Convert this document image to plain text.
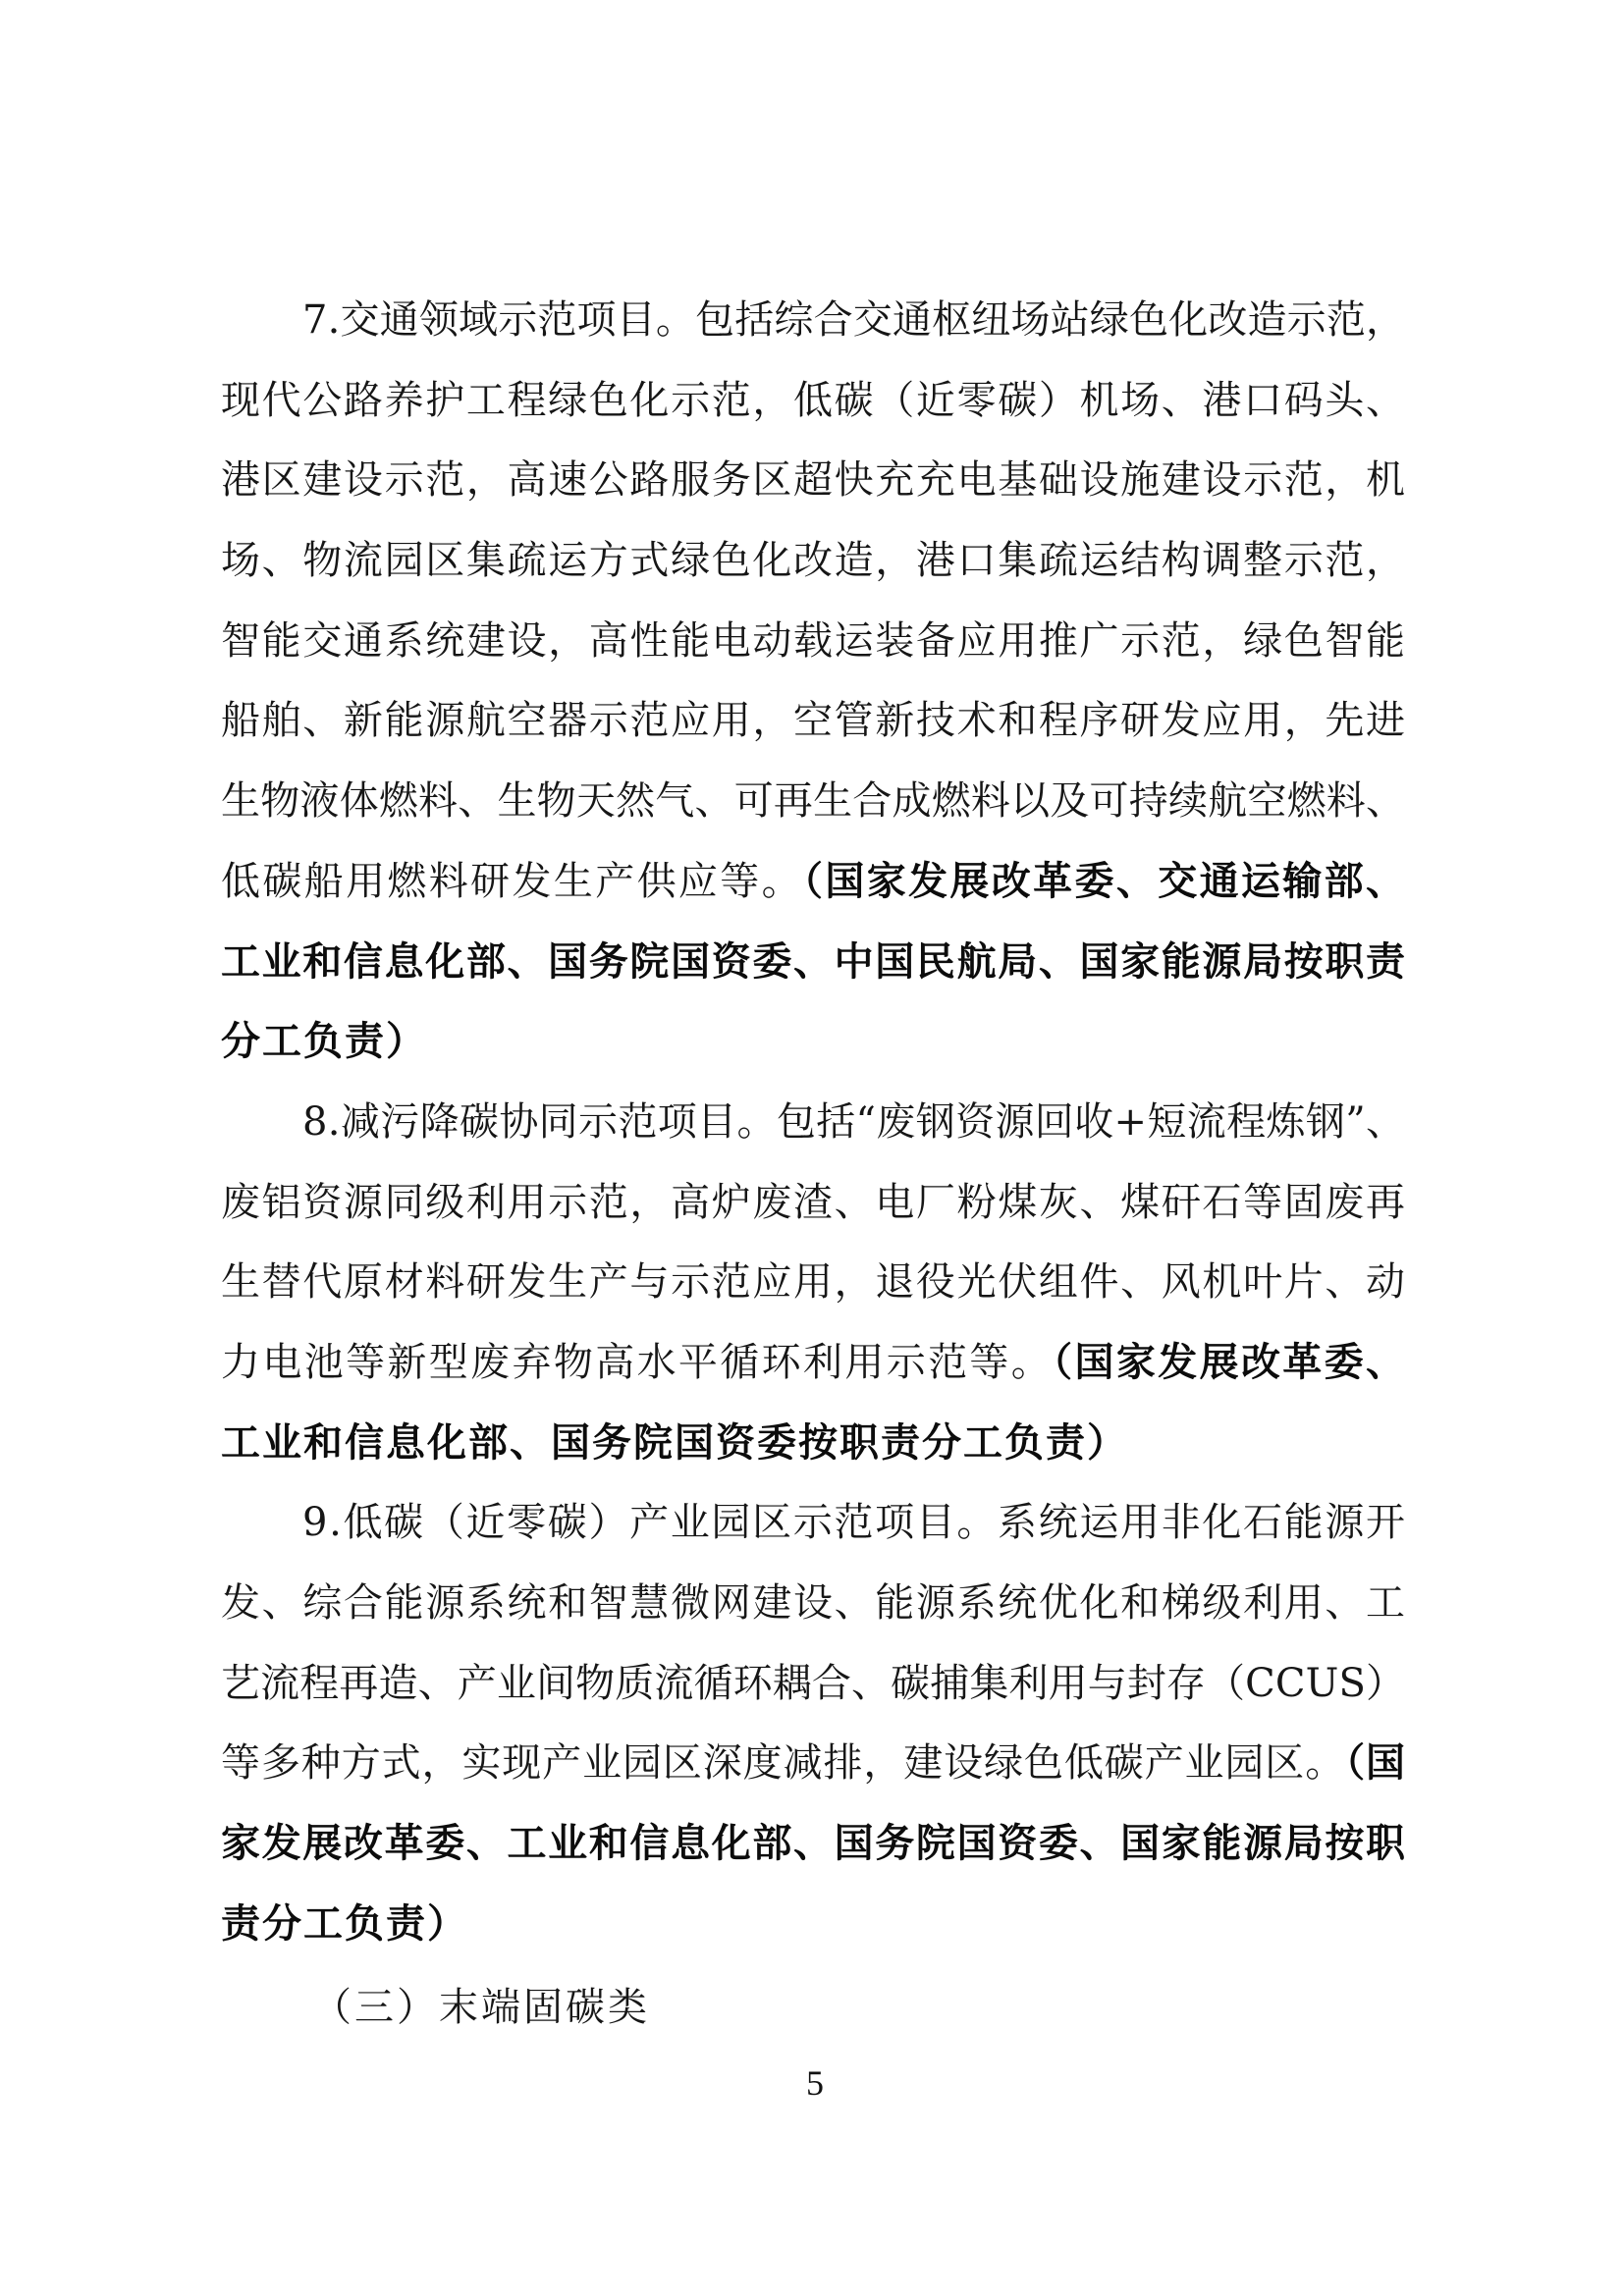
7.交通领域示范项目。包括综合交通枢纽场站绿色化改造示范，
现代公路养护工程绿色化示范，低碳（近零碳）机场、港口码头、
港区建设示范，高速公路服务区超快充充电基础设施建设示范，机
场、物流园区集疏运方式绿色化改造，港口集疏运结构调整示范，
智能交通系统建设，高性能电动载运装备应用推广示范，绿色智能
船舶、新能源航空器示范应用，空管新技术和程序研发应用，先进
生物液体燃料、生物天然气、可再生合成燃料以及可持续航空燃料、
低碳船用燃料研发生产供应等。（国家发展改革委、交通运输部、
工业和信息化部、国务院国资委、中国民航局、国家能源局按职责
分工负责）
8.减污降碳协同示范项目。包括“废钢资源回收+短流程炼钢”、
废铝资源同级利用示范，高炉废渣、电厂粉煤灰、煤矸石等固废再
生替代原材料研发生产与示范应用，退役光伏组件、风机叶片、动
力电池等新型废弃物高水平循环利用示范等。（国家发展改革委、
工业和信息化部、国务院国资委按职责分工负责）
9.低碳（近零碳）产业园区示范项目。系统运用非化石能源开
发、综合能源系统和智慧微网建设、能源系统优化和梯级利用、工
艺流程再造、产业间物质流循环耦合、碳捕集利用与封存（CCUS）
等多种方式，实现产业园区深度减排，建设绿色低碳产业园区。（国
家发展改革委、工业和信息化部、国务院国资委、国家能源局按职
责分工负责）
（三）末端固碳类
5
